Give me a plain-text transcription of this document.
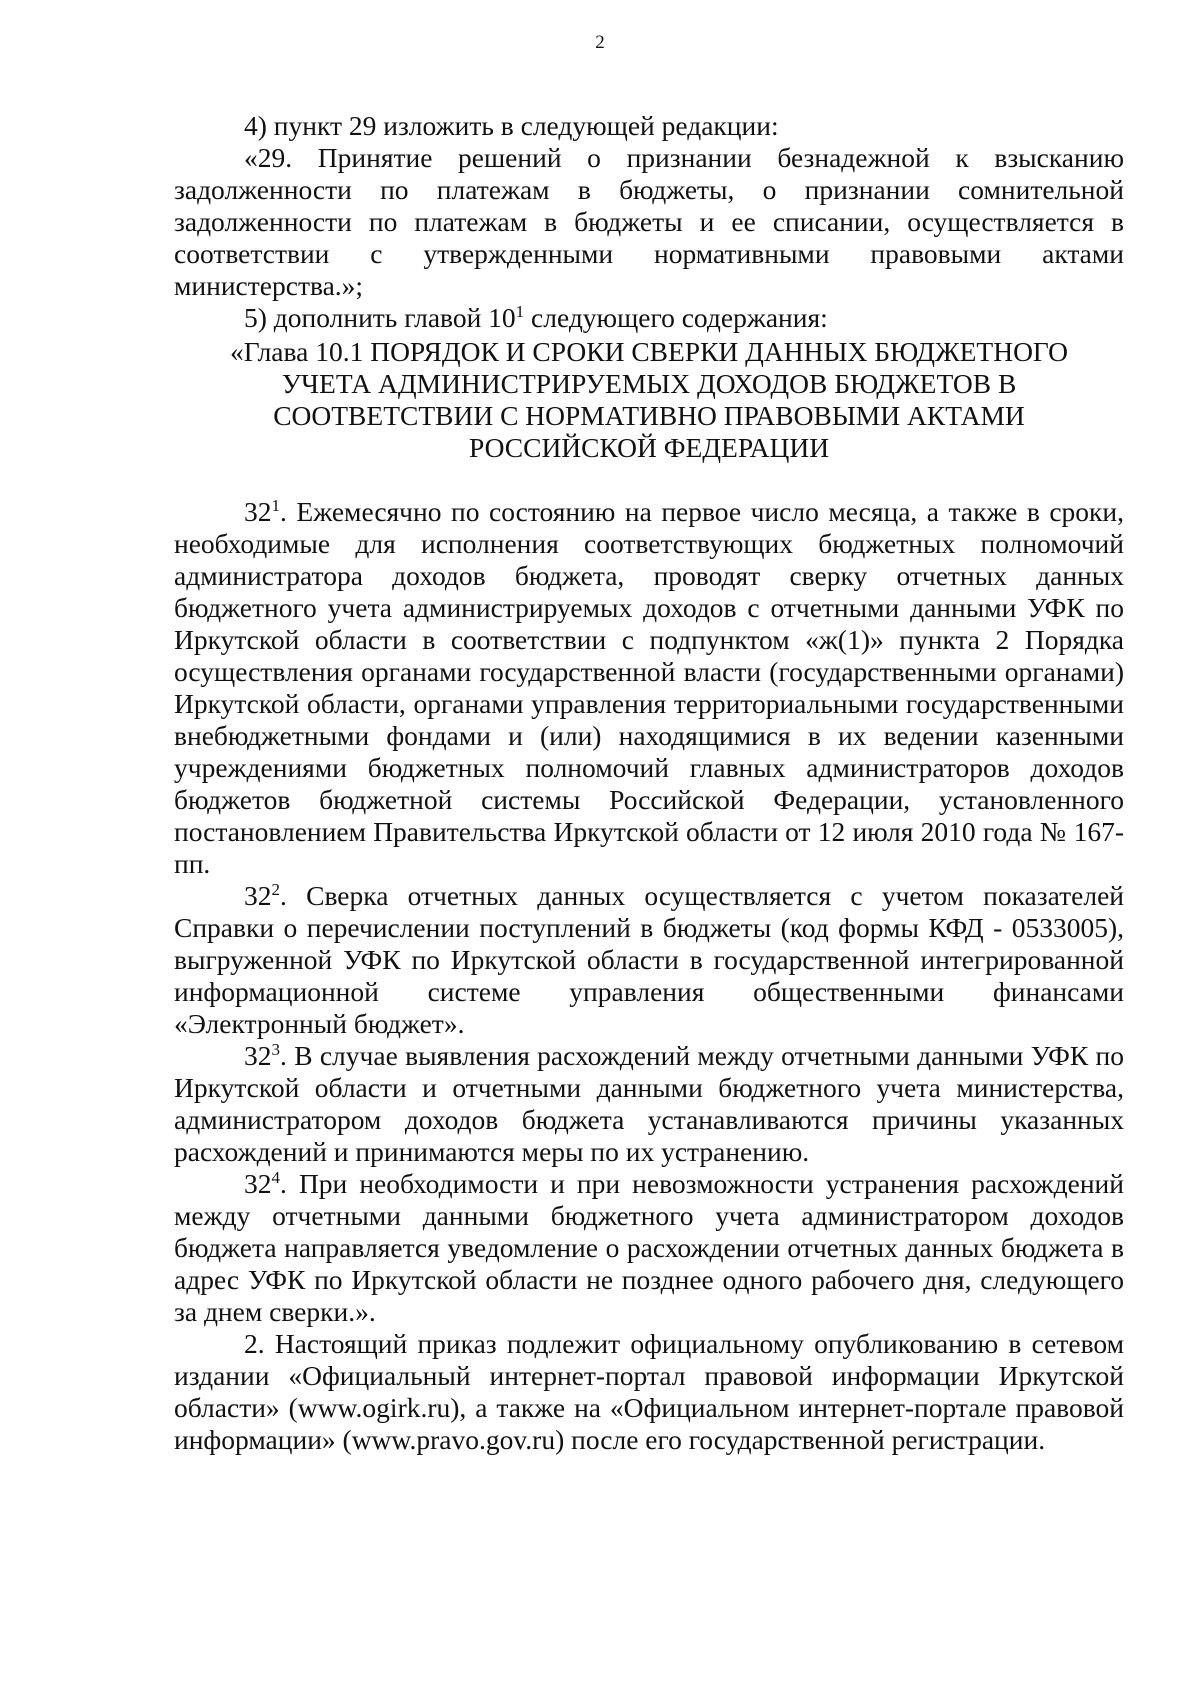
2

4) пункт 29 изложить в следующей редакции:

«29. Принятие решений о признании безнадежной к взысканию задолженности по платежам в бюджеты, о признании сомнительной задолженности по платежам в бюджеты и ее списании, осуществляется в соответствии с утвержденными нормативными правовыми актами министерства.»;

5) дополнить главой $10^1$ следующего содержания:

«Глава 10.1 ПОРЯДОК И СРОКИ СВЕРКИ ДАННЫХ БЮДЖЕТНОГО
УЧЕТА АДМИНИСТРИРУЕМЫХ ДОХОДОВ БЮДЖЕТОВ В
СООТВЕТСТВИИ С НОРМАТИВНО ПРАВОВЫМИ АКТАМИ
РОССИЙСКОЙ ФЕДЕРАЦИИ

$32^1$. Ежемесячно по состоянию на первое число месяца, а также в сроки, необходимые для исполнения соответствующих бюджетных полномочий администратора доходов бюджета, проводят сверку отчетных данных бюджетного учета администрируемых доходов с отчетными данными УФК по Иркутской области в соответствии с подпунктом «ж(1)» пункта 2 Порядка осуществления органами государственной власти (государственными органами) Иркутской области, органами управления территориальными государственными внебюджетными фондами и (или) находящимися в их ведении казенными учреждениями бюджетных полномочий главных администраторов доходов бюджетов бюджетной системы Российской Федерации, установленного постановлением Правительства Иркутской области от 12 июля 2010 года № 167-пп.

$32^2$. Сверка отчетных данных осуществляется с учетом показателей Справки о перечислении поступлений в бюджеты (код формы КФД - 0533005), выгруженной УФК по Иркутской области в государственной интегрированной информационной системе управления общественными финансами «Электронный бюджет».

$32^3$. В случае выявления расхождений между отчетными данными УФК по Иркутской области и отчетными данными бюджетного учета министерства, администратором доходов бюджета устанавливаются причины указанных расхождений и принимаются меры по их устранению.

$32^4$. При необходимости и при невозможности устранения расхождений между отчетными данными бюджетного учета администратором доходов бюджета направляется уведомление о расхождении отчетных данных бюджета в адрес УФК по Иркутской области не позднее одного рабочего дня, следующего за днем сверки.».

2. Настоящий приказ подлежит официальному опубликованию в сетевом издании «Официальный интернет-портал правовой информации Иркутской области» (www.ogirk.ru), а также на «Официальном интернет-портале правовой информации» (www.pravo.gov.ru) после его государственной регистрации.
